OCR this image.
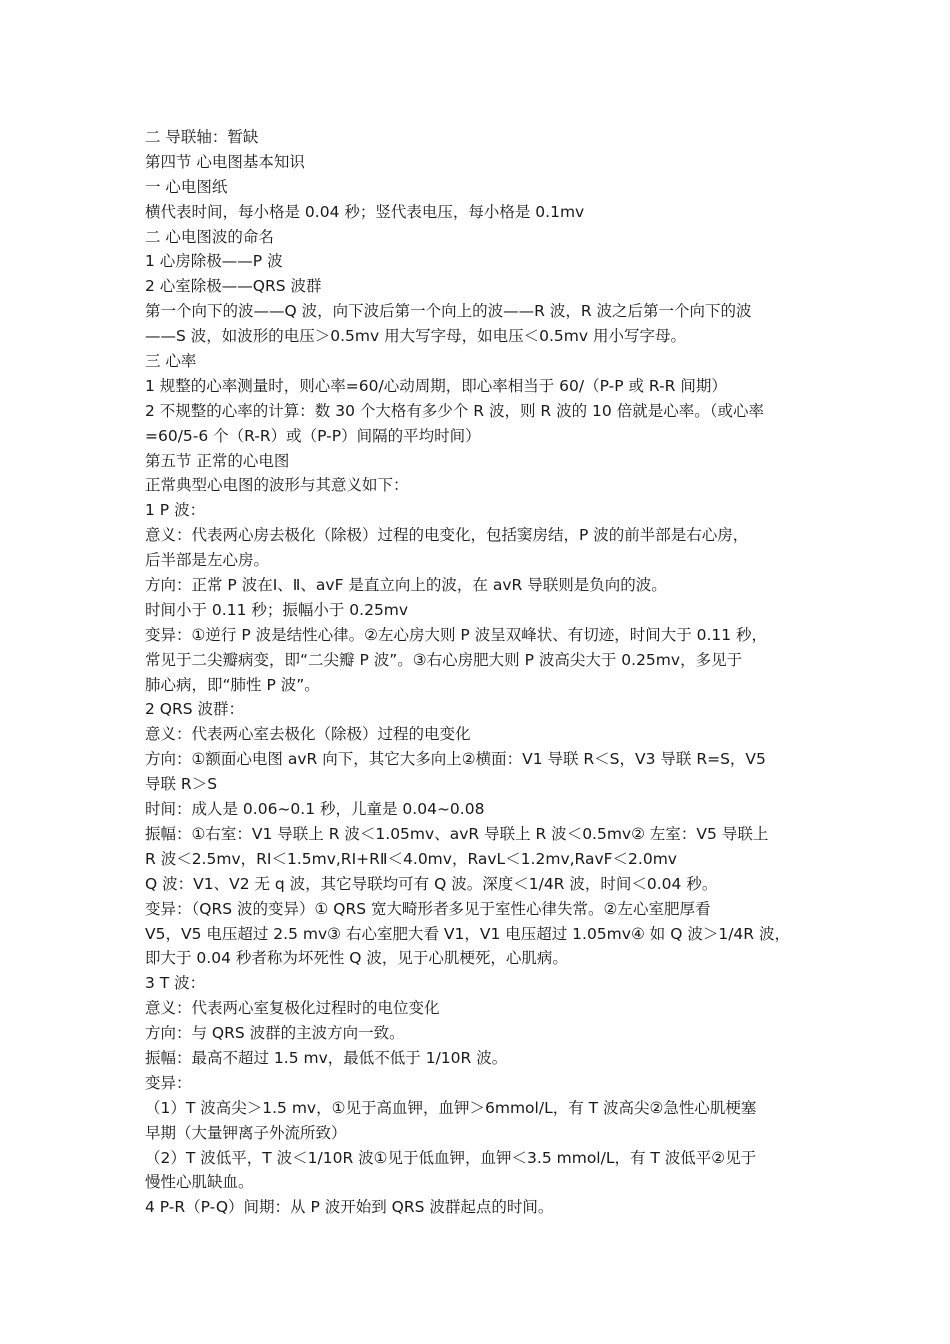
二 导联轴：暂缺
第四节 心电图基本知识
一 心电图纸
横代表时间，每小格是 0.04 秒；竖代表电压，每小格是 0.1mv
二 心电图波的命名
1 心房除极——P 波
2 心室除极——QRS 波群
第一个向下的波——Q 波，向下波后第一个向上的波——R 波，R 波之后第一个向下的波
——S 波，如波形的电压＞0.5mv 用大写字母，如电压＜0.5mv 用小写字母。
三 心率
1 规整的心率测量时，则心率=60/心动周期，即心率相当于 60/（P-P 或 R-R 间期）
2 不规整的心率的计算：数 30 个大格有多少个 R 波，则 R 波的 10 倍就是心率。（或心率
=60/5-6 个（R-R）或（P-P）间隔的平均时间）
第五节 正常的心电图
正常典型心电图的波形与其意义如下：
1 P 波：
意义：代表两心房去极化（除极）过程的电变化，包括窦房结，P 波的前半部是右心房，
后半部是左心房。
方向：正常 P 波在Ⅰ、Ⅱ、avF 是直立向上的波，在 avR 导联则是负向的波。
时间小于 0.11 秒；振幅小于 0.25mv
变异：①逆行 P 波是结性心律。②左心房大则 P 波呈双峰状、有切迹，时间大于 0.11 秒，
常见于二尖瓣病变，即“二尖瓣 P 波”。③右心房肥大则 P 波高尖大于 0.25mv，多见于
肺心病，即“肺性 P 波”。
2 QRS 波群：
意义：代表两心室去极化（除极）过程的电变化
方向：①额面心电图 avR 向下，其它大多向上②横面：V1 导联 R＜S，V3 导联 R=S，V5
导联 R＞S
时间：成人是 0.06~0.1 秒，儿童是 0.04~0.08
振幅：①右室：V1 导联上 R 波＜1.05mv、avR 导联上 R 波＜0.5mv② 左室：V5 导联上
R 波＜2.5mv，RⅠ＜1.5mv,RⅠ+RⅡ＜4.0mv，RavL＜1.2mv,RavF＜2.0mv
Q 波：V1、V2 无 q 波，其它导联均可有 Q 波。深度＜1/4R 波，时间＜0.04 秒。
变异：（QRS 波的变异）① QRS 宽大畸形者多见于室性心律失常。②左心室肥厚看
V5，V5 电压超过 2.5 mv③ 右心室肥大看 V1，V1 电压超过 1.05mv④ 如 Q 波＞1/4R 波，
即大于 0.04 秒者称为坏死性 Q 波，见于心肌梗死，心肌病。
3 T 波：
意义：代表两心室复极化过程时的电位变化
方向：与 QRS 波群的主波方向一致。
振幅：最高不超过 1.5 mv，最低不低于 1/10R 波。
变异：
（1）T 波高尖＞1.5 mv，①见于高血钾，血钾＞6mmol/L，有 T 波高尖②急性心肌梗塞
早期（大量钾离子外流所致）
（2）T 波低平，T 波＜1/10R 波①见于低血钾，血钾＜3.5 mmol/L，有 T 波低平②见于
慢性心肌缺血。
4 P-R（P-Q）间期：从 P 波开始到 QRS 波群起点的时间。
